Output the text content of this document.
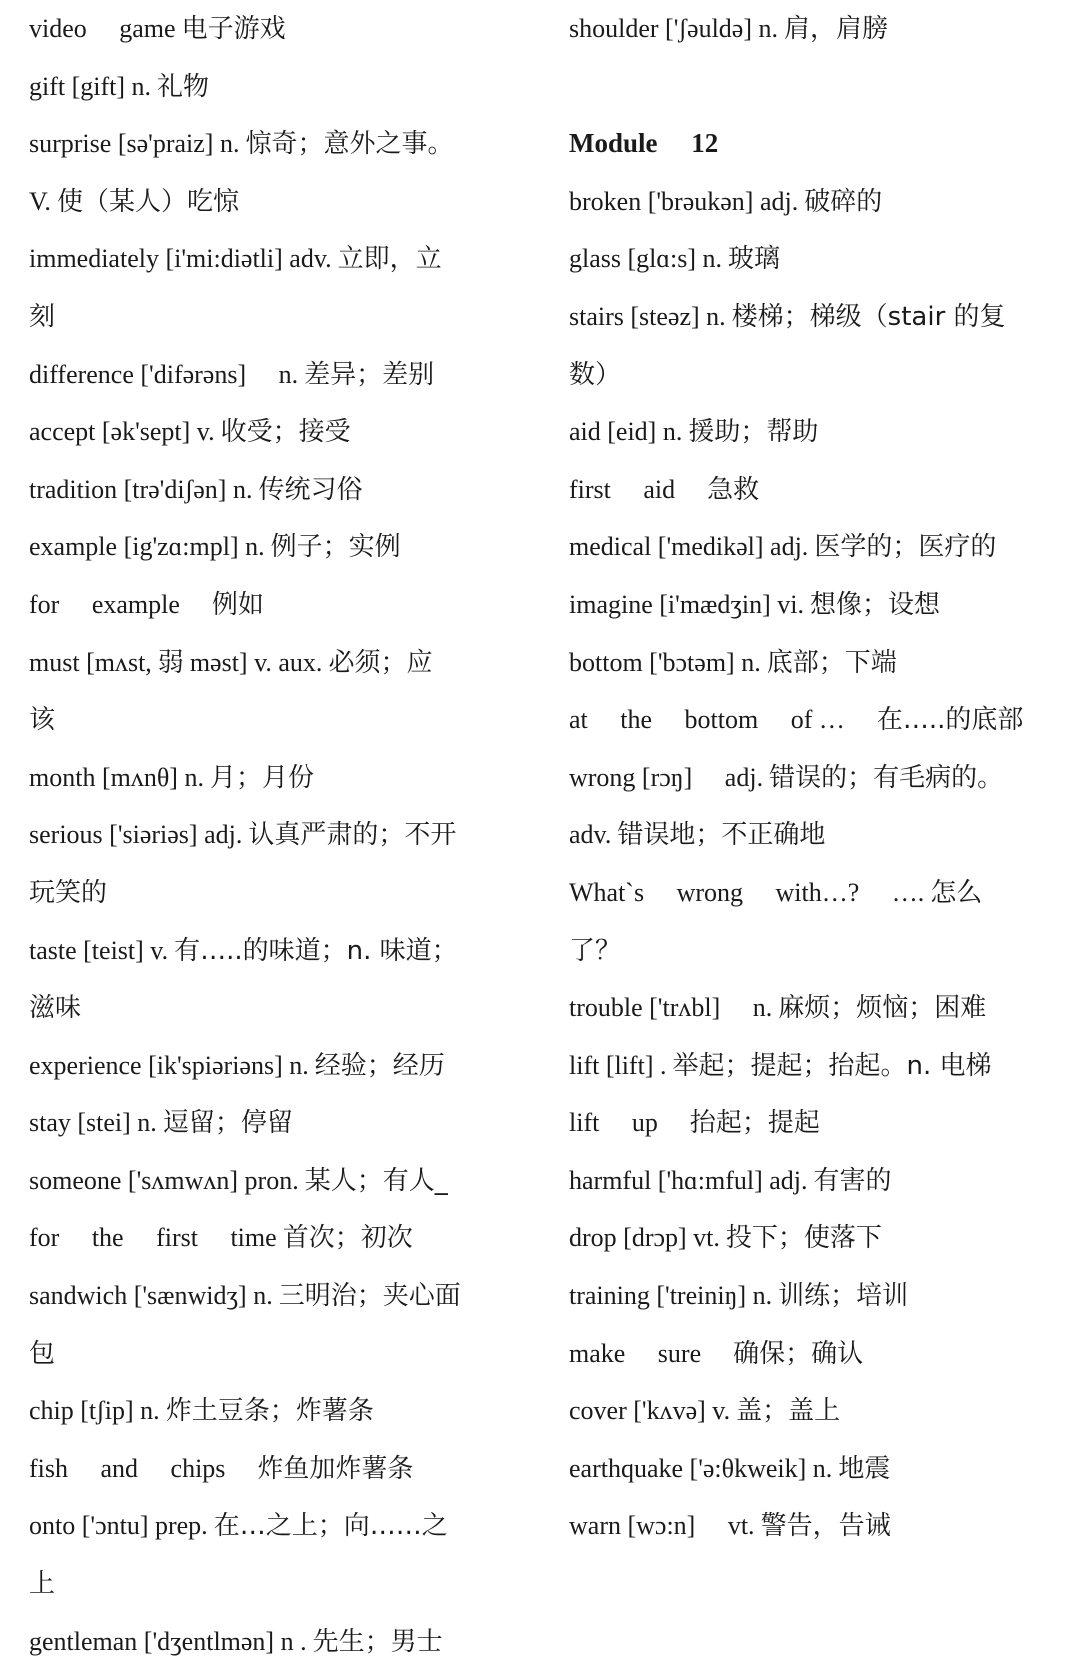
video  game 电子游戏
gift [gift] n. 礼物
surprise [sə'praiz] n. 惊奇；意外之事。
V. 使（某人）吃惊
immediately [i'mi:diətli] adv. 立即，立
刻
difference ['difərəns]  n. 差异；差别
accept [ək'sept] v. 收受；接受
tradition [trə'diʃən] n. 传统习俗
example [ig'zɑ:mpl] n. 例子；实例
for  example 例如
must [mʌst, 弱 məst] v. aux. 必须；应
该
month [mʌnθ] n. 月；月份
serious ['siəriəs] adj. 认真严肃的；不开
玩笑的
taste [teist] v. 有…..的味道；n. 味道；
滋味
experience [ik'spiəriəns] n. 经验；经历
stay [stei] n. 逗留；停留
someone ['sʌmwʌn] pron. 某人；有人_
for  the  first  time 首次；初次
sandwich ['sænwidʒ] n. 三明治；夹心面
包
chip [tʃip] n. 炸土豆条；炸薯条
fish  and  chips 炸鱼加炸薯条
onto ['ɔntu] prep. 在…之上；向……之
上
gentleman ['dʒentlmən] n . 先生；男士
shoulder ['ʃəuldə] n. 肩，肩膀
Module  12
broken ['brəukən] adj. 破碎的
glass [glɑ:s] n. 玻璃
stairs [steəz] n. 楼梯；梯级（stair 的复
数）
aid [eid] n. 援助；帮助
first  aid 急救
medical ['medikəl] adj. 医学的；医疗的
imagine [i'mædʒin] vi. 想像；设想
bottom ['bɔtəm] n. 底部；下端
at  the  bottom  of … 在…..的底部
wrong [rɔŋ]  adj. 错误的；有毛病的。
adv. 错误地；不正确地
What`s  wrong  with…?  …. 怎么
了？
trouble ['trʌbl]  n. 麻烦；烦恼；困难
lift [lift] . 举起；提起；抬起。n. 电梯
lift  up 抬起；提起
harmful ['hɑ:mful] adj. 有害的
drop [drɔp] vt. 投下；使落下
training ['treiniŋ] n. 训练；培训
make  sure 确保；确认
cover ['kʌvə] v. 盖；盖上
earthquake ['ə:θkweik] n. 地震
warn [wɔ:n]  vt. 警告，告诫
